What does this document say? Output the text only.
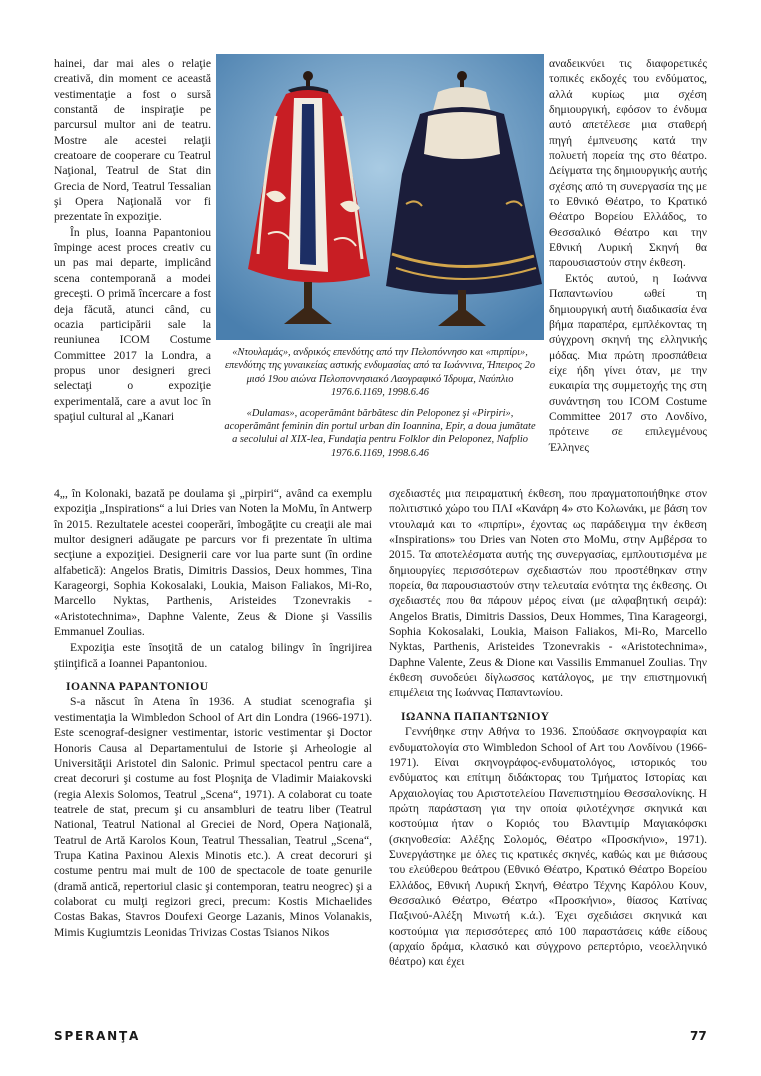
hainei, dar mai ales o relaţie creativă, din moment ce această vestimentaţie a fost o sursă constantă de inspiraţie pe parcursul multor ani de teatru. Mostre ale acestei relaţii creatoare de cooperare cu Teatrul Naţional, Teatrul de Stat din Grecia de Nord, Teatrul Tessalian şi Opera Naţională vor fi prezentate în expoziţie.

În plus, Ioanna Papantoniou împinge acest proces creativ cu un pas mai departe, implicând scena contemporană a modei greceşti. O primă încercare a fost deja făcută, atunci când, cu ocazia participării sale la reuniunea ICOM Costume Committee 2017 la Londra, a propus unor designeri greci selectaţi o expoziţie experimentală, care a avut loc în spaţiul cultural al „Kanari

«Ντουλαμάς», ανδρικός επενδύτης από την Πελοπόννησο και «πιρπίρι», επενδύτης της γυναικείας αστικής ενδυμασίας από τα Ιωάννινα, Ήπειρος 2ο μισό 19ου αιώνα Πελοποννησιακό Λαογραφικό Ίδρυμα, Ναύπλιο 1976.6.1169, 1998.6.46

«Dulamas», acoperământ bărbătesc din Peloponez şi «Pirpiri», acoperământ feminin din portul urban din Ioannina, Epir, a doua jumătate a secolului al XIX-lea, Fundaţia pentru Folklor din Peloponez, Nafplio 1976.6.1169, 1998.6.46

αναδεικνύει τις διαφορετικές τοπικές εκδοχές του ενδύματος, αλλά κυρίως μια σχέση δημιουργική, εφόσον το ένδυμα αυτό απετέλεσε μια σταθερή πηγή έμπνευσης κατά την πολυετή πορεία της στο θέατρο. Δείγματα της δημιουργικής αυτής σχέσης από τη συνεργασία της με το Εθνικό Θέατρο, το Κρατικό Θέατρο Βορείου Ελλάδος, το Θεσσαλικό Θέατρο και την Εθνική Λυρική Σκηνή θα παρουσιαστούν στην έκθεση.

Εκτός αυτού, η Ιωάννα Παπαντωνίου ωθεί τη δημιουργική αυτή διαδικασία ένα βήμα παραπέρα, εμπλέκοντας τη σύγχρονη σκηνή της ελληνικής μόδας. Μια πρώτη προσπάθεια είχε ήδη γίνει όταν, με την ευκαιρία της συμμετοχής της στη συνάντηση του ICOM Costume Committee 2017 στο Λονδίνο, πρότεινε σε επιλεγμένους Έλληνες

4„, în Kolonaki, bazată pe doulama şi „pirpiri“, având ca exemplu expoziţia „Inspirations“ a lui Dries van Noten la MoMu, în Antwerp în 2015. Rezultatele acestei cooperări, îmbogăţite cu creaţii ale mai multor designeri adăugate pe parcurs vor fi prezentate în ultima secţiune a expoziţiei. Designerii care vor lua parte sunt (în ordine alfabetică): Angelos Bratis, Dimitris Dassios, Deux hommes, Tina Karageorgi, Sophia Kokosalaki, Loukia, Maison Faliakos, Mi-Ro, Marcello Nyktas, Parthenis, Aristeides Tzonevrakis - «Aristotechnima», Daphne Valente, Zeus & Dione şi Vassilis Emmanuel Zoulias.

Expoziţia este însoţită de un catalog bilingv în îngrijirea ştiinţifică a Ioannei Papantoniou.

IOANNA PAPANTONIOU

S-a născut în Atena în 1936. A studiat scenografia şi vestimentaţia la Wimbledon School of Art din Londra (1966-1971). Este scenograf-designer vestimentar, istoric vestimentar şi Doctor Honoris Causa al Departamentului de Istorie şi Arheologie al Universităţii Aristotel din Salonic. Primul spectacol pentru care a creat decoruri şi costume au fost Ploşniţa de Vladimir Maiakovski (regia Alexis Solomos, Teatrul „Scena“, 1971). A colaborat cu toate teatrele de stat, precum şi cu ansambluri de teatru liber (Teatrul National, Teatrul National al Greciei de Nord, Opera Naţională, Teatrul de Artă Karolos Koun, Teatrul Thessalian, Teatrul „Scena“, Trupa Katina Paxinou Alexis Minotis etc.). A creat decoruri şi costume pentru mai mult de 100 de spectacole de toate genurile (dramă antică, repertoriul clasic şi contemporan, teatru neogrec) şi a colaborat cu mulţi regizori greci, precum: Kostis Michaelides Costas Bakas, Stavros Doufexi George Lazanis, Minos Volanakis, Mimis Kugiumtzis Leonidas Trivizas Costas Tsianos Nikos

σχεδιαστές μια πειραματική έκθεση, που πραγματοποιήθηκε στον πολιτιστικό χώρο του ΠΛΙ «Κανάρη 4» στο Κολωνάκι, με βάση τον ντουλαμά και το «πιρπίρι», έχοντας ως παράδειγμα την έκθεση «Inspirations» του Dries van Noten στο MoMu, στην Αμβέρσα το 2015. Τα αποτελέσματα αυτής της συνεργασίας, εμπλουτισμένα με δημιουργίες περισσότερων σχεδιαστών που προστέθηκαν στην πορεία, θα παρουσιαστούν στην τελευταία ενότητα της έκθεσης. Οι σχεδιαστές που θα πάρουν μέρος είναι (με αλφαβητική σειρά): Angelos Bratis, Dimitris Dassios, Deux Hommes, Tina Karageorgi, Sophia Kokosalaki, Loukia, Maison Faliakos, Mi-Ro, Marcello Nyktas, Parthenis, Aristeides Tzonevrakis - «Aristotechnima», Daphne Valente, Zeus & Dione και Vassilis Emmanuel Zoulias. Την έκθεση συνοδεύει δίγλωσσος κατάλογος, με την επιστημονική επιμέλεια της Ιωάννας Παπαντωνίου.

ΙΩΑΝΝΑ ΠΑΠΑΝΤΩΝΙΟΥ

Γεννήθηκε στην Αθήνα το 1936. Σπούδασε σκηνογραφία και ενδυματολογία στο Wimbledon School of Art του Λονδίνου (1966-1971). Είναι σκηνογράφος-ενδυματολόγος, ιστορικός του ενδύματος και επίτιμη διδάκτορας του Τμήματος Ιστορίας και Αρχαιολογίας του Αριστοτελείου Πανεπιστημίου Θεσσαλονίκης. Η πρώτη παράσταση για την οποία φιλοτέχνησε σκηνικά και κοστούμια ήταν ο Κοριός του Βλαντιμίρ Μαγιακόφσκι (σκηνοθεσία: Αλέξης Σολομός, Θέατρο «Προσκήνιο», 1971). Συνεργάστηκε με όλες τις κρατικές σκηνές, καθώς και με θιάσους του ελεύθερου θεάτρου (Εθνικό Θέατρο, Κρατικό Θέατρο Βορείου Ελλάδος, Εθνική Λυρική Σκηνή, Θέατρο Τέχνης Καρόλου Κουν, Θεσσαλικό Θέατρο, Θέατρο «Προσκήνιο», θίασος Κατίνας Παξινού-Αλέξη Μινωτή κ.ά.). Έχει σχεδιάσει σκηνικά και κοστούμια για περισσότερες από 100 παραστάσεις κάθε είδους (αρχαίο δράμα, κλασικό και σύγχρονο ρεπερτόριο, νεοελληνικό θέατρο) και έχει

SPERANŢA	77
